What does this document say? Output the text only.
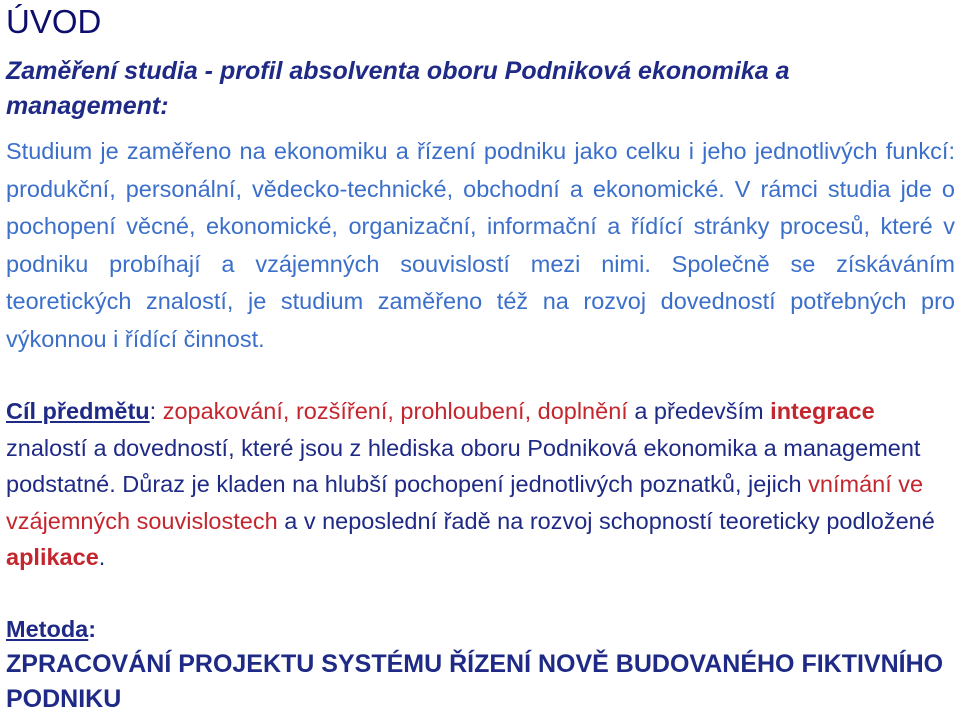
ÚVOD

Zaměření studia - profil absolventa oboru Podniková ekonomika a management:

Studium je zaměřeno na ekonomiku a řízení podniku jako celku i jeho jednotlivých funkcí: produkční, personální, vědecko-technické, obchodní a ekonomické. V rámci studia jde o pochopení věcné, ekonomické, organizační, informační a řídící stránky procesů, které v podniku probíhají a vzájemných souvislostí mezi nimi. Společně se získáváním teoretických znalostí, je studium zaměřeno též na rozvoj dovedností potřebných pro výkonnou i řídící činnost.

Cíl předmětu: zopakování, rozšíření, prohloubení, doplnění a především integrace znalostí a dovedností, které jsou z hlediska oboru Podniková ekonomika a management podstatné. Důraz je kladen na hlubší pochopení jednotlivých poznatků, jejich vnímání ve vzájemných souvislostech a v neposlední řadě na rozvoj schopností teoreticky podložené aplikace.

Metoda:
ZPRACOVÁNÍ PROJEKTU SYSTÉMU ŘÍZENÍ NOVĚ BUDOVANÉHO FIKTIVNÍHO PODNIKU
